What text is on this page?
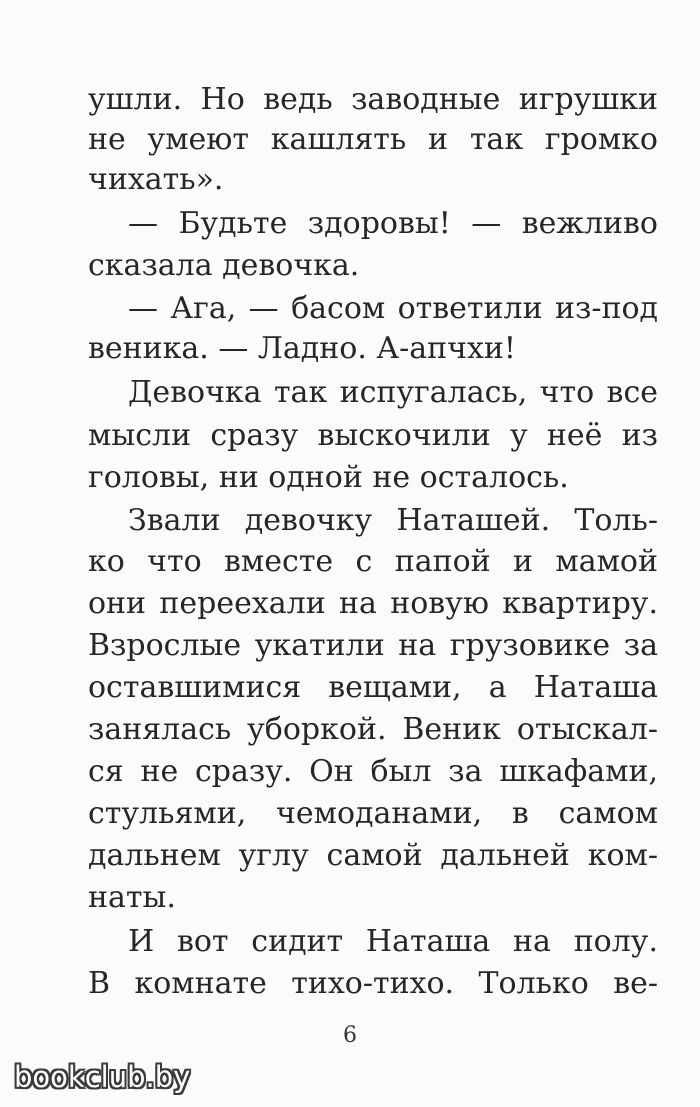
ушли. Но ведь заводные игрушки
не умеют кашлять и так громко
чихать».
— Будьте здоровы! — вежливо
сказала девочка.
— Ага, — басом ответили из-под
веника. — Ладно. А-апчхи!
Девочка так испугалась, что все
мысли сразу выскочили у неё из
головы, ни одной не осталось.
Звали девочку Наташей. Толь-
ко что вместе с папой и мамой
они переехали на новую квартиру.
Взрослые укатили на грузовике за
оставшимися вещами, а Наташа
занялась уборкой. Веник отыскал-
ся не сразу. Он был за шкафами,
стульями, чемоданами, в самом
дальнем углу самой дальней ком-
наты.
И вот сидит Наташа на полу.
В комнате тихо-тихо. Только ве-
6
bookclub.by
